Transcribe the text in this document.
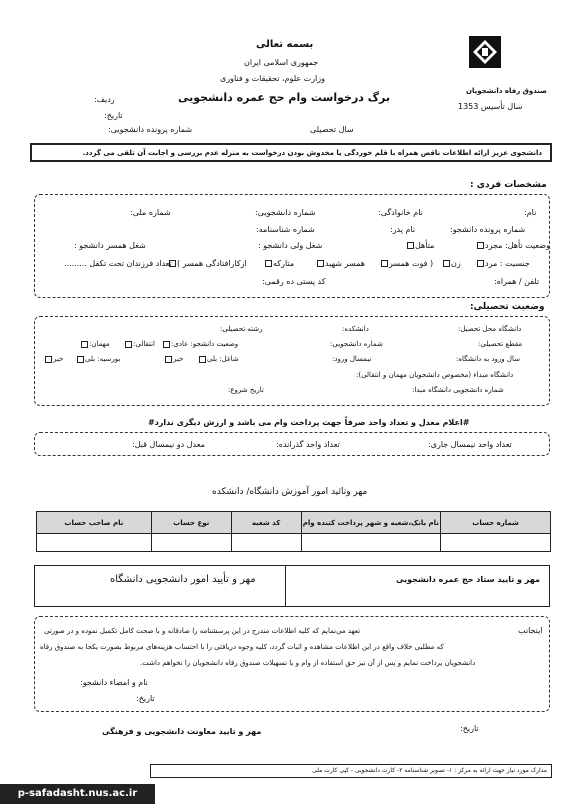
بسمه تعالی
جمهوری اسلامی ایران
وزارت علوم، تحقیقات و فناوری
برگ درخواست وام حج عمره دانشجویی
ردیف:
تاریخ:
صندوق رفاه دانشجویان
سال تأسیس 1353
سال تحصیلی
شماره پرونده دانشجویی:
دانشجوی عزیز ارائه اطلاعات ناقص همراه با قلم خوردگی یا مخدوش بودن درخواست به منزله عدم بررسی و اجابت آن تلقی می گردد.
مشخصات فردی :
نام:
نام خانوادگی:
شماره دانشجویی:
شماره ملی:
شماره پرونده دانشجو:
نام پدر:
شماره شناسنامه:
وضعیت تأهل: مجرد
متأهل
شغل ولی دانشجو :
شغل همسر دانشجو :
جنسیت : مرد
زن
( فوت همسر
همسر شهید
متارکه
ازکارافتادگی همسر )
تعداد فرزندان تحت تکفل .........
تلفن / همراه:
کد پستی ده رقمی:
وضعیت تحصیلی:
دانشگاه محل تحصیل:
دانشکده:
رشته تحصیلی:
مقطع تحصیلی:
شماره دانشجویی:
وضعیت دانشجو: عادی:
انتقالی:
مهمان:
سال ورود به دانشگاه:
نیمسال ورود:
شاغل: بلی
خیر
بورسیه: بلی
خیر
دانشگاه مبداء (مخصوص دانشجویان مهمان و انتقالی):
شماره دانشجویی دانشگاه مبدا:
تاریخ شروع:
#اعلام معدل و تعداد واحد صرفاً جهت پرداخت وام می باشد و ارزش دیگری ندارد#
تعداد واحد نیمسال جاری:
تعداد واحد گذرانده:
معدل دو نیمسال قبل:
مهر وتائید امور آموزش دانشگاه/ دانشکده
شماره حساب	نام بانک،شعبه و شهر پرداخت کننده وام	کد شعبه	نوع حساب	نام صاحب حساب

مهر و تایید ستاد حج عمره دانشجویی
مهر و تأیید امور دانشجویی دانشگاه
اینجانب
تعهد می‌نمایم که کلیه اطلاعات مندرج در این پرسشنامه را صادقانه و با صحت کامل تکمیل نموده و در صورتی
که مطلبی خلاف واقع در این اطلاعات مشاهده و اثبات گردد، کلیه وجوه دریافتی را با احتساب هزینه‌های مربوط بصورت یکجا به صندوق رفاه
دانشجویان پرداخت نمایم و پس از آن نیز حق استفاده از وام و یا تسهیلات صندوق رفاه دانشجویان را نخواهم داشت.
نام و امضاء دانشجو:
تاریخ:
تاریخ:
مهر و تایید معاونت دانشجویی و فرهنگی
مدارک مورد نیاز جهت ارائه به مرکز : ۱- تصویر شناسنامه ۲- کارت دانشجویی - کپی کارت ملی
p-safadasht.nus.ac.ir
